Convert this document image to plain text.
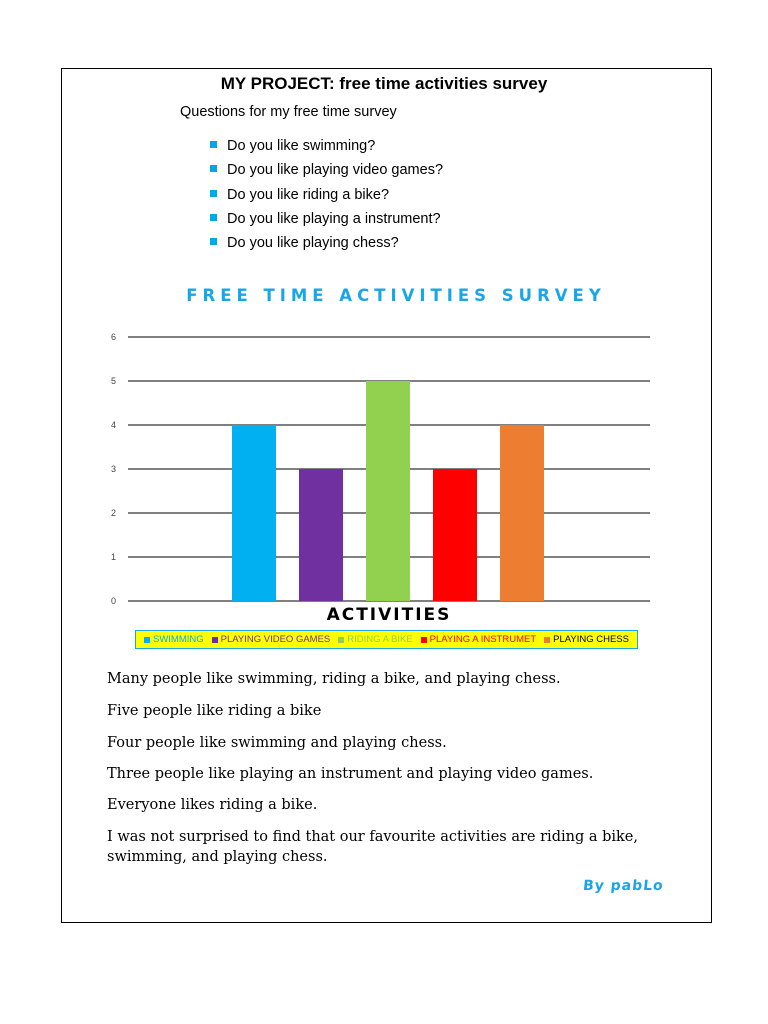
MY PROJECT: free time activities survey
Questions for my free time survey
Do you like swimming?
Do you like playing video games?
Do you like riding a bike?
Do you like playing a instrument?
Do you like playing chess?
FREE TIME ACTIVITIES SURVEY
0
1
2
3
4
5
6
ACTIVITIES
SWIMMING PLAYING VIDEO GAMES RIDING A BIKE PLAYING A INSTRUMET PLAYING CHESS
Many people like swimming, riding a bike, and playing chess.
Five people like riding a bike
Four people like swimming and playing chess.
Three people like playing an instrument and playing video games.
Everyone likes riding a bike.
I was not surprised to find that our favourite activities are riding a bike, swimming, and playing chess.
By pabLo
